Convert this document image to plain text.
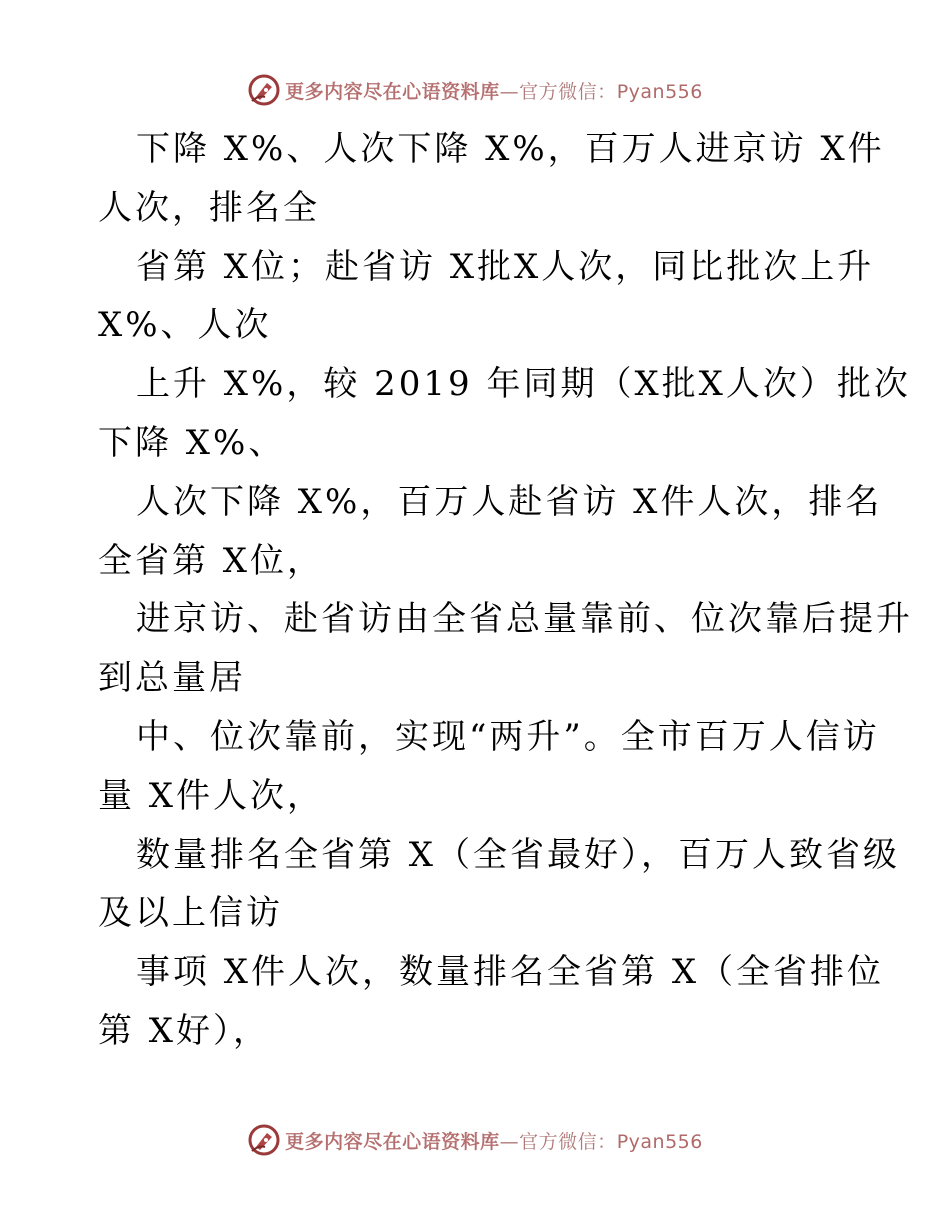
更多内容尽在心语资料库—官方微信：Pyan556
下降 X%、人次下降 X%，百万人进京访 X件
人次，排名全
省第 X位；赴省访 X批X人次，同比批次上升
X%、人次
上升 X%，较 2019 年同期（X批X人次）批次
下降 X%、
人次下降 X%，百万人赴省访 X件人次，排名
全省第 X位，
进京访、赴省访由全省总量靠前、位次靠后提升
到总量居
中、位次靠前，实现“两升”。全市百万人信访
量 X件人次，
数量排名全省第 X（全省最好），百万人致省级
及以上信访
事项 X件人次，数量排名全省第 X（全省排位
第 X好），
更多内容尽在心语资料库—官方微信：Pyan556
